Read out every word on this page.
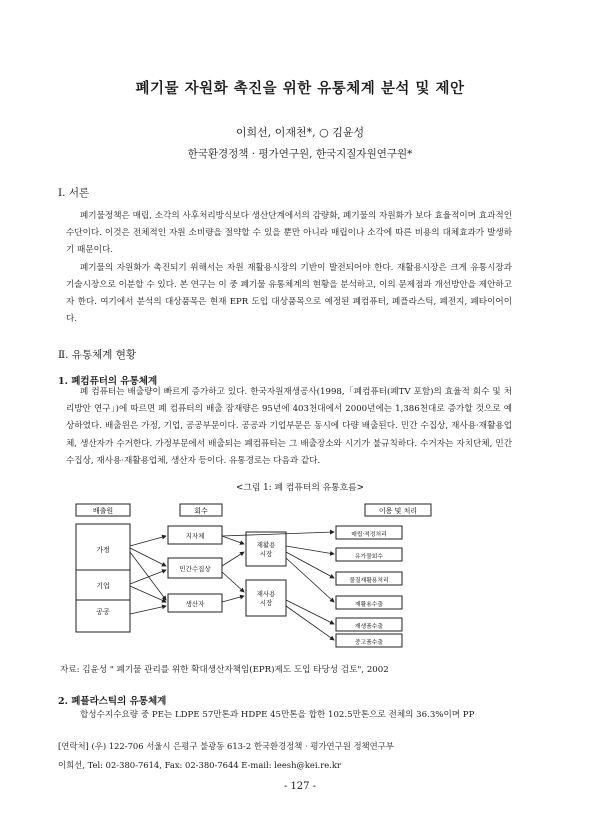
폐기물 자원화 촉진을 위한 유통체계 분석 및 제안
이희선, 이재천*, ○ 김윤성
한국환경정책 · 평가연구원, 한국지질자원연구원*
Ⅰ. 서론

폐기물정책은 매립, 소각의 사후처리방식보다 생산단계에서의 감량화, 폐기물의 자원화가 보다 효율적이며 효과적인 수단이다. 이것은 전체적인 자원 소비량을 절약할 수 있을 뿐만 아니라 매립이나 소각에 따른 비용의 대체효과가 발생하기 때문이다.

폐기물의 자원화가 촉진되기 위해서는 자원 재활용시장의 기반이 발전되어야 한다. 재활용시장은 크게 유통시장과 기술시장으로 이분할 수 있다. 본 연구는 이 중 폐기물 유통체계의 현황을 분석하고, 이의 문제점과 개선방안을 제안하고자 한다. 여기에서 분석의 대상품목은 현재 EPR 도입 대상품목으로 예정된 폐컴퓨터, 폐플라스틱, 폐전지, 폐타이어이다.

Ⅱ. 유통체계 현황
1. 폐컴퓨터의 유통체계

폐 컴퓨터는 배출량이 빠르게 증가하고 있다. 한국자원재생공사(1998,「폐컴퓨터(폐TV 포함)의 효율적 회수 및 처리방안 연구」)에 따르면 폐 컴퓨터의 배출 잠재량은 95년에 403천대에서 2000년에는 1,386천대로 증가할 것으로 예상하였다. 배출원은 가정, 기업, 공공부문이다. 공공과 기업부문은 동시에 다량 배출된다. 민간 수집상, 재사용·재활용업체, 생산자가 수거한다. 가정부문에서 배출되는 폐컴퓨터는 그 배출장소와 시기가 불규칙하다. 수거자는 자치단체, 민간수집상, 재사용·재활용업체, 생산자 등이다. 유통경로는 다음과 같다.

<그림 1: 폐 컴퓨터의 유통흐름>
배출원	회수	이용 및 처리
가정
기업
공공
지자체
민간수집상
생산자
재활용
시장
재사용
시장
매립·적정처리
유가물회수
물질재활용처리
재활용수출
재생품수출
중고품수출
자료: 김윤성 " 폐기물 관리를 위한 확대생산자책임(EPR)제도 도입 타당성 검토", 2002
2. 폐플라스틱의 유통체계

합성수지수요량 중 PE는 LDPE 57만톤과 HDPE 45만톤을 합한 102.5만톤으로 전체의 36.3%이며 PP

[연락처] (우) 122-706 서울시 은평구 불광동 613-2 한국환경정책 · 평가연구원 정책연구부
이희선, Tel: 02-380-7614, Fax: 02-380-7644 E-mail: leesh@kei.re.kr
- 127 -
